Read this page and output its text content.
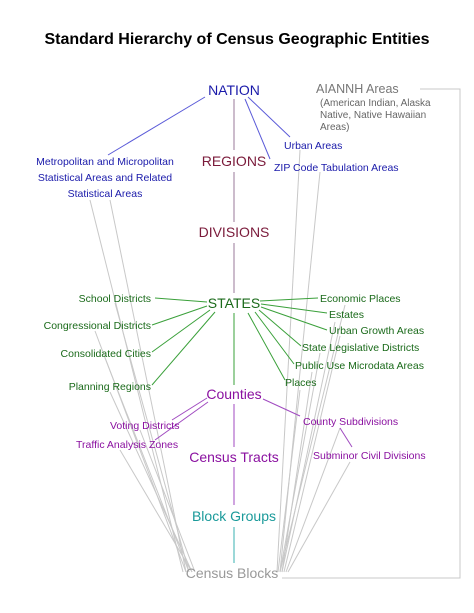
Standard Hierarchy of Census Geographic Entities
NATION
REGIONS
DIVISIONS
STATES
Counties
Census Tracts
Block Groups
Census Blocks
AIANNH Areas
(American Indian, Alaska
Native, Native Hawaiian
Areas)
Urban Areas
ZIP Code Tabulation Areas
Metropolitan and Micropolitan
Statistical Areas and Related
Statistical Areas
School Districts
Congressional Districts
Consolidated Cities
Planning Regions
Economic Places
Estates
Urban Growth Areas
State Legislative Districts
Public Use Microdata Areas
Places
Voting Districts
Traffic Analysis Zones
County Subdivisions
Subminor Civil Divisions
